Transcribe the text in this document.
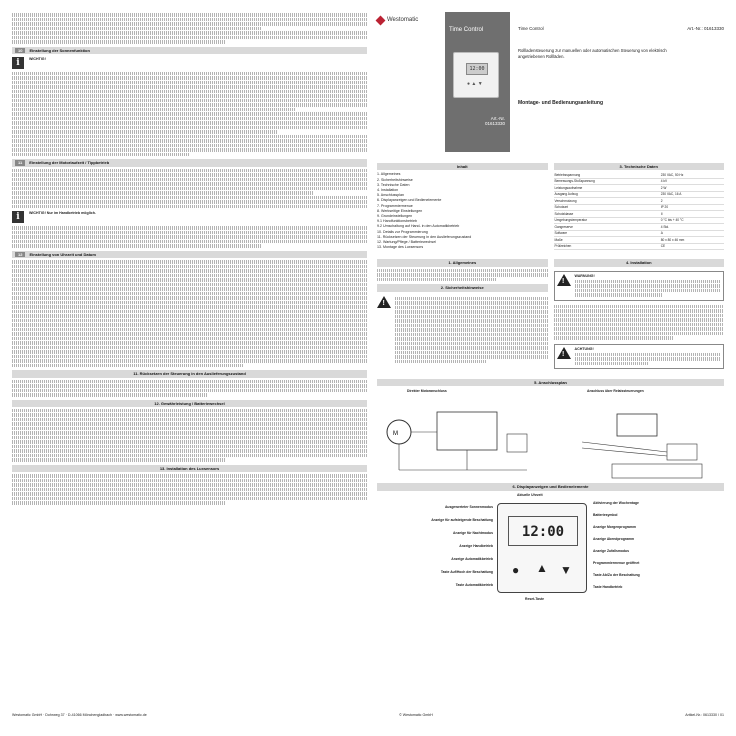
10 Einstellung der Sonnenfunktion
i	WICHTIG!
11 Einstellung der Motorlaufzeit / Tippbetrieb
i	WICHTIG! Nur im Handbetrieb möglich.
12 Einstellung von Uhrzeit und Datum
11. Rücksetzen der Steuerung in den Auslieferungszustand
12. Gewährleistung / Batteriewechsel
13. Installation des Luxsensors
Westomatic
Time Control
12:00
● ▲ ▼
Art.-Nr.
01613330
Time Control	Art.-Nr.: 01613330
Rollladensteuerung zur manuellen oder automatischen Steuerung von elektrisch angetriebenen Rollläden.
Montage- und Bedienungsanleitung
Inhalt
1. Allgemeines
2. Sicherheitshinweise
3. Technische Daten
4. Installation
5. Anschlussplan
6. Displayanzeigen und Bedienelemente
7. Programmiermenue
8. Werkseitige Einstellungen
9. Grundeinstellungen
9.1 Handfunktionsbetrieb
9.2 Umschaltung auf Hand- in den Automatikbetrieb
10. Details zur Programmierung
11. Rücksetzen der Steuerung in den Auslieferungszustand
12. Wartung/Pflege / Batteriewechsel
13. Montage des Luxsensors
3. Technische Daten
Betriebsspannung	230 VAC, 50 Hz
Bemessungs-Stoßspannung	4 kV
Leistungsaufnahme	2 W
Ausgang Aufzug	230 VAC, 16 A
Verschmutzung	2
Schutzart	IP 20
Schutzklasse	II
Umgebungstemperatur	0 °C bis + 40 °C
Gangreserve	4 Std.
Software	A
Maße	80 x 80 x 46 mm
Prüfzeichen	CE
1. Allgemeines
2. Sicherheitshinweise
!
4. Installation
!
WARNUNG!
!
ACHTUNG!
5. Anschlussplan
Direkter Motoranschluss	Anschluss über Relaissteuerungen
M
6. Displayanzeigen und Bedienelemente
Aktuelle Uhrzeit
12:00
● ▲ ▼
Ausgewerteter Sonnenmodus
Anzeige für aufsteigende Beschattung
Anzeige für Nachtmodus
Anzeige Handbetrieb
Anzeige Automatikbetrieb
Taste Auf/Hoch der Beschattung
Taste Automatikbetrieb
Aktivierung der Wochentage
Batteriesymbol
Anzeige Morgenprogramm
Anzeige Abendprogramm
Anzeige Zufallsmodus
Programmiermenue geöffnet
Taste Ab/Zu der Beschattung
Taste Handbetrieb
Reset-Taste
Westomatic GmbH · Dohrweg 37 · D-41066 Mönchengladbach · www.westomatic.de	© Westomatic GmbH	Artikel-Nr.: 0613330 / 01
